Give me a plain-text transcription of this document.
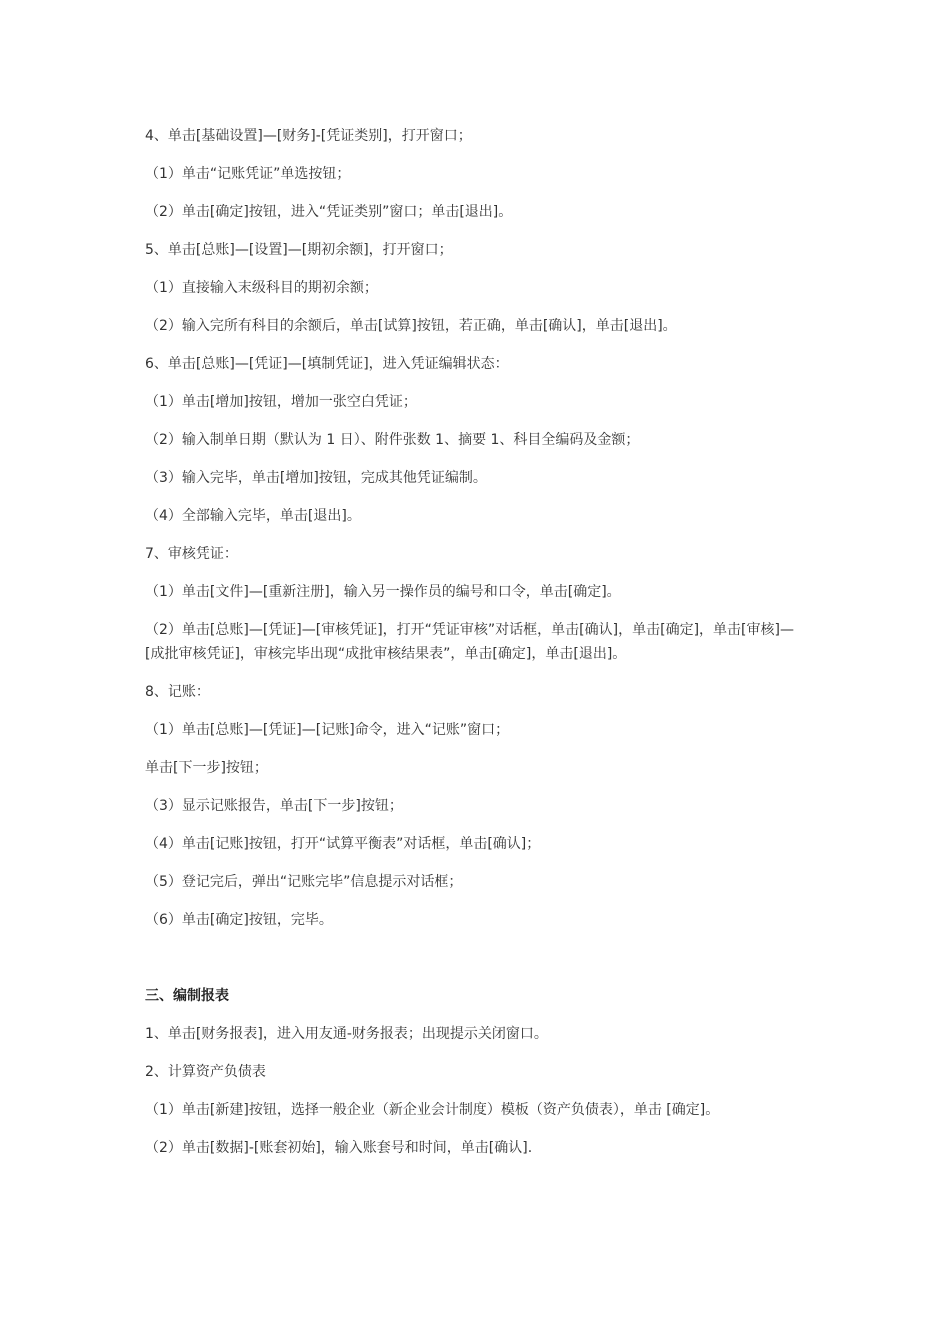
4、单击[基础设置]—[财务]-[凭证类别]，打开窗口；

（1）单击“记账凭证”单选按钮；

（2）单击[确定]按钮，进入“凭证类别”窗口；单击[退出]。

5、单击[总账]—[设置]—[期初余额]，打开窗口；

（1）直接输入末级科目的期初余额；

（2）输入完所有科目的余额后，单击[试算]按钮，若正确，单击[确认]，单击[退出]。

6、单击[总账]—[凭证]—[填制凭证]，进入凭证编辑状态：

（1）单击[增加]按钮，增加一张空白凭证；

（2）输入制单日期（默认为 1 日）、附件张数 1、摘要 1、科目全编码及金额；

（3）输入完毕，单击[增加]按钮，完成其他凭证编制。

（4）全部输入完毕，单击[退出]。

7、审核凭证：

（1）单击[文件]—[重新注册]，输入另一操作员的编号和口令，单击[确定]。

（2）单击[总账]—[凭证]—[审核凭证]，打开“凭证审核”对话框，单击[确认]，单击[确定]，单击[审核]—[成批审核凭证]，审核完毕出现“成批审核结果表”，单击[确定]，单击[退出]。

8、记账：

（1）单击[总账]—[凭证]—[记账]命令，进入“记账”窗口；

单击[下一步]按钮；

（3）显示记账报告，单击[下一步]按钮；

（4）单击[记账]按钮，打开“试算平衡表”对话框，单击[确认]；

（5）登记完后，弹出“记账完毕”信息提示对话框；

（6）单击[确定]按钮，完毕。

三、编制报表

1、单击[财务报表]，进入用友通-财务报表；出现提示关闭窗口。

2、计算资产负债表

（1）单击[新建]按钮，选择一般企业（新企业会计制度）模板（资产负债表），单击 [确定]。

（2）单击[数据]-[账套初始]，输入账套号和时间，单击[确认].
